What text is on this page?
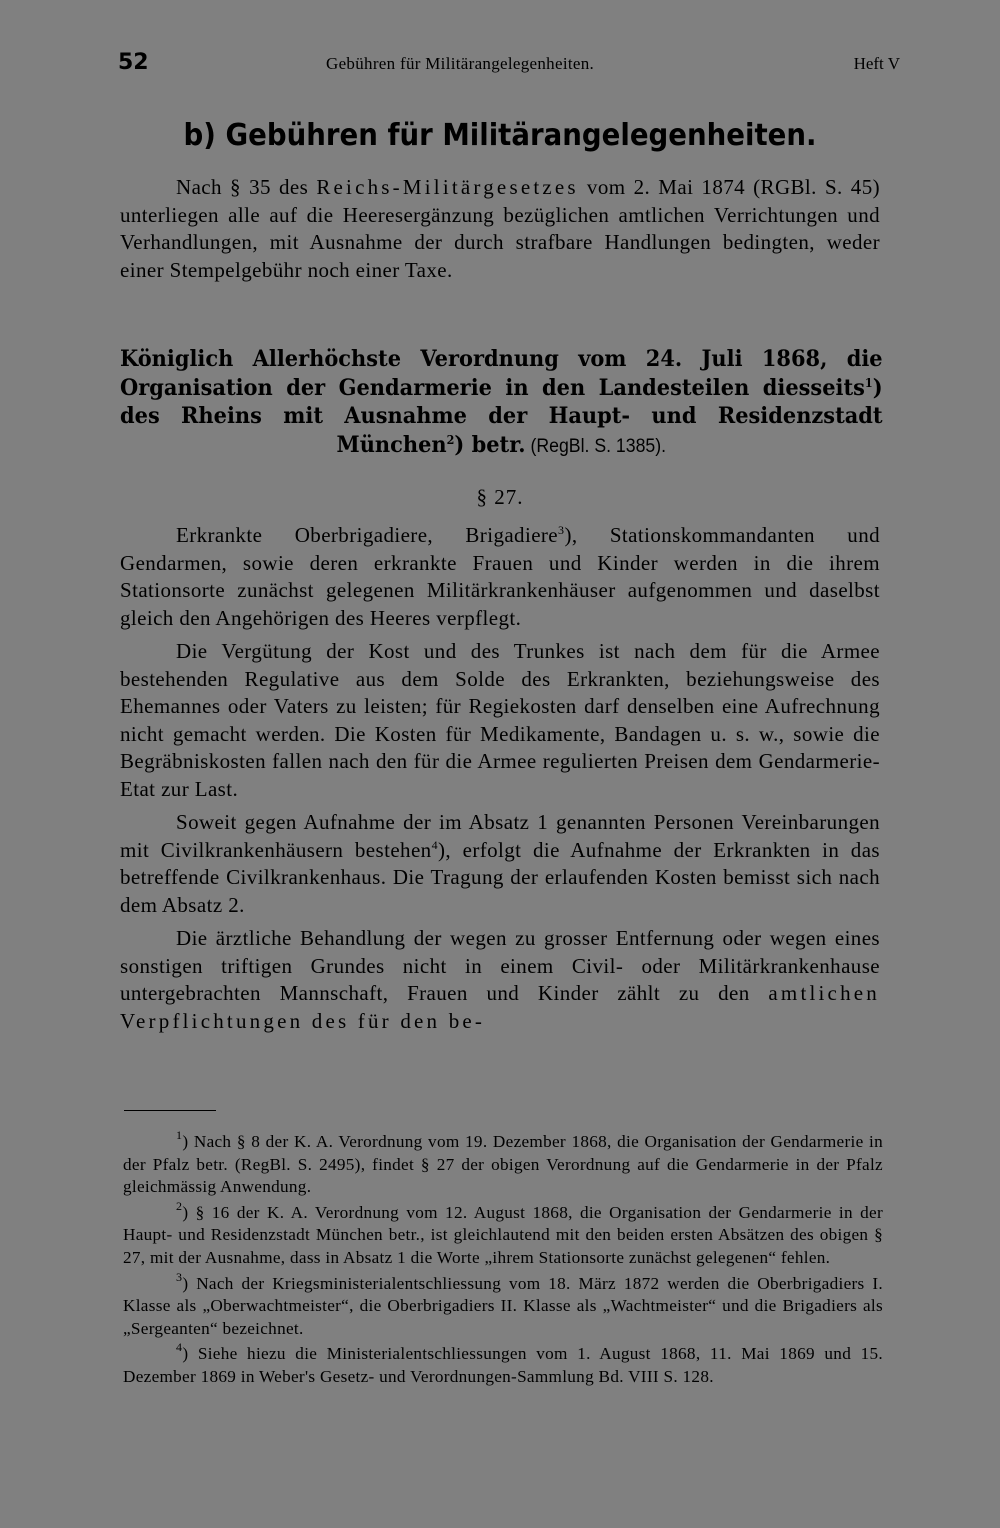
52	Gebühren für Militärangelegenheiten.	Heft V
b) Gebühren für Militärangelegenheiten.

Nach § 35 des Reichs-Militärgesetzes vom 2. Mai 1874 (RGBl. S. 45) unterliegen alle auf die Heeresergänzung bezüglichen amtlichen Verrichtungen und Verhandlungen, mit Ausnahme der durch strafbare Handlungen bedingten, weder einer Stempelgebühr noch einer Taxe.

Königlich Allerhöchste Verordnung vom 24. Juli 1868, die Organisation der Gendarmerie in den Landesteilen diesseits$^1$) des Rheins mit Ausnahme der Haupt- und Residenzstadt München$^2$) betr. (RegBl. S. 1385).
§ 27.

Erkrankte Oberbrigadiere, Brigadiere$^3$), Stationskommandanten und Gendarmen, sowie deren erkrankte Frauen und Kinder werden in die ihrem Stationsorte zunächst gelegenen Militärkrankenhäuser aufgenommen und daselbst gleich den Angehörigen des Heeres verpflegt.

Die Vergütung der Kost und des Trunkes ist nach dem für die Armee bestehenden Regulative aus dem Solde des Erkrankten, beziehungsweise des Ehemannes oder Vaters zu leisten; für Regiekosten darf denselben eine Aufrechnung nicht gemacht werden. Die Kosten für Medikamente, Bandagen u. s. w., sowie die Begräbniskosten fallen nach den für die Armee regulierten Preisen dem Gendarmerie-Etat zur Last.

Soweit gegen Aufnahme der im Absatz 1 genannten Personen Vereinbarungen mit Civilkrankenhäusern bestehen$^4$), erfolgt die Aufnahme der Erkrankten in das betreffende Civilkrankenhaus. Die Tragung der erlaufenden Kosten bemisst sich nach dem Absatz 2.

Die ärztliche Behandlung der wegen zu grosser Entfernung oder wegen eines sonstigen triftigen Grundes nicht in einem Civil- oder Militärkrankenhause untergebrachten Mannschaft, Frauen und Kinder zählt zu den amtlichen Verpflichtungen des für den be-

$^1$) Nach § 8 der K. A. Verordnung vom 19. Dezember 1868, die Organisation der Gendarmerie in der Pfalz betr. (RegBl. S. 2495), findet § 27 der obigen Verordnung auf die Gendarmerie in der Pfalz gleichmässig Anwendung.

$^2$) § 16 der K. A. Verordnung vom 12. August 1868, die Organisation der Gendarmerie in der Haupt- und Residenzstadt München betr., ist gleichlautend mit den beiden ersten Absätzen des obigen § 27, mit der Ausnahme, dass in Absatz 1 die Worte „ihrem Stationsorte zunächst gelegenen“ fehlen.

$^3$) Nach der Kriegsministerialentschliessung vom 18. März 1872 werden die Oberbrigadiers I. Klasse als „Oberwachtmeister“, die Oberbrigadiers II. Klasse als „Wachtmeister“ und die Brigadiers als „Sergeanten“ bezeichnet.

$^4$) Siehe hiezu die Ministerialentschliessungen vom 1. August 1868, 11. Mai 1869 und 15. Dezember 1869 in Weber's Gesetz- und Verordnungen-Sammlung Bd. VIII S. 128.
